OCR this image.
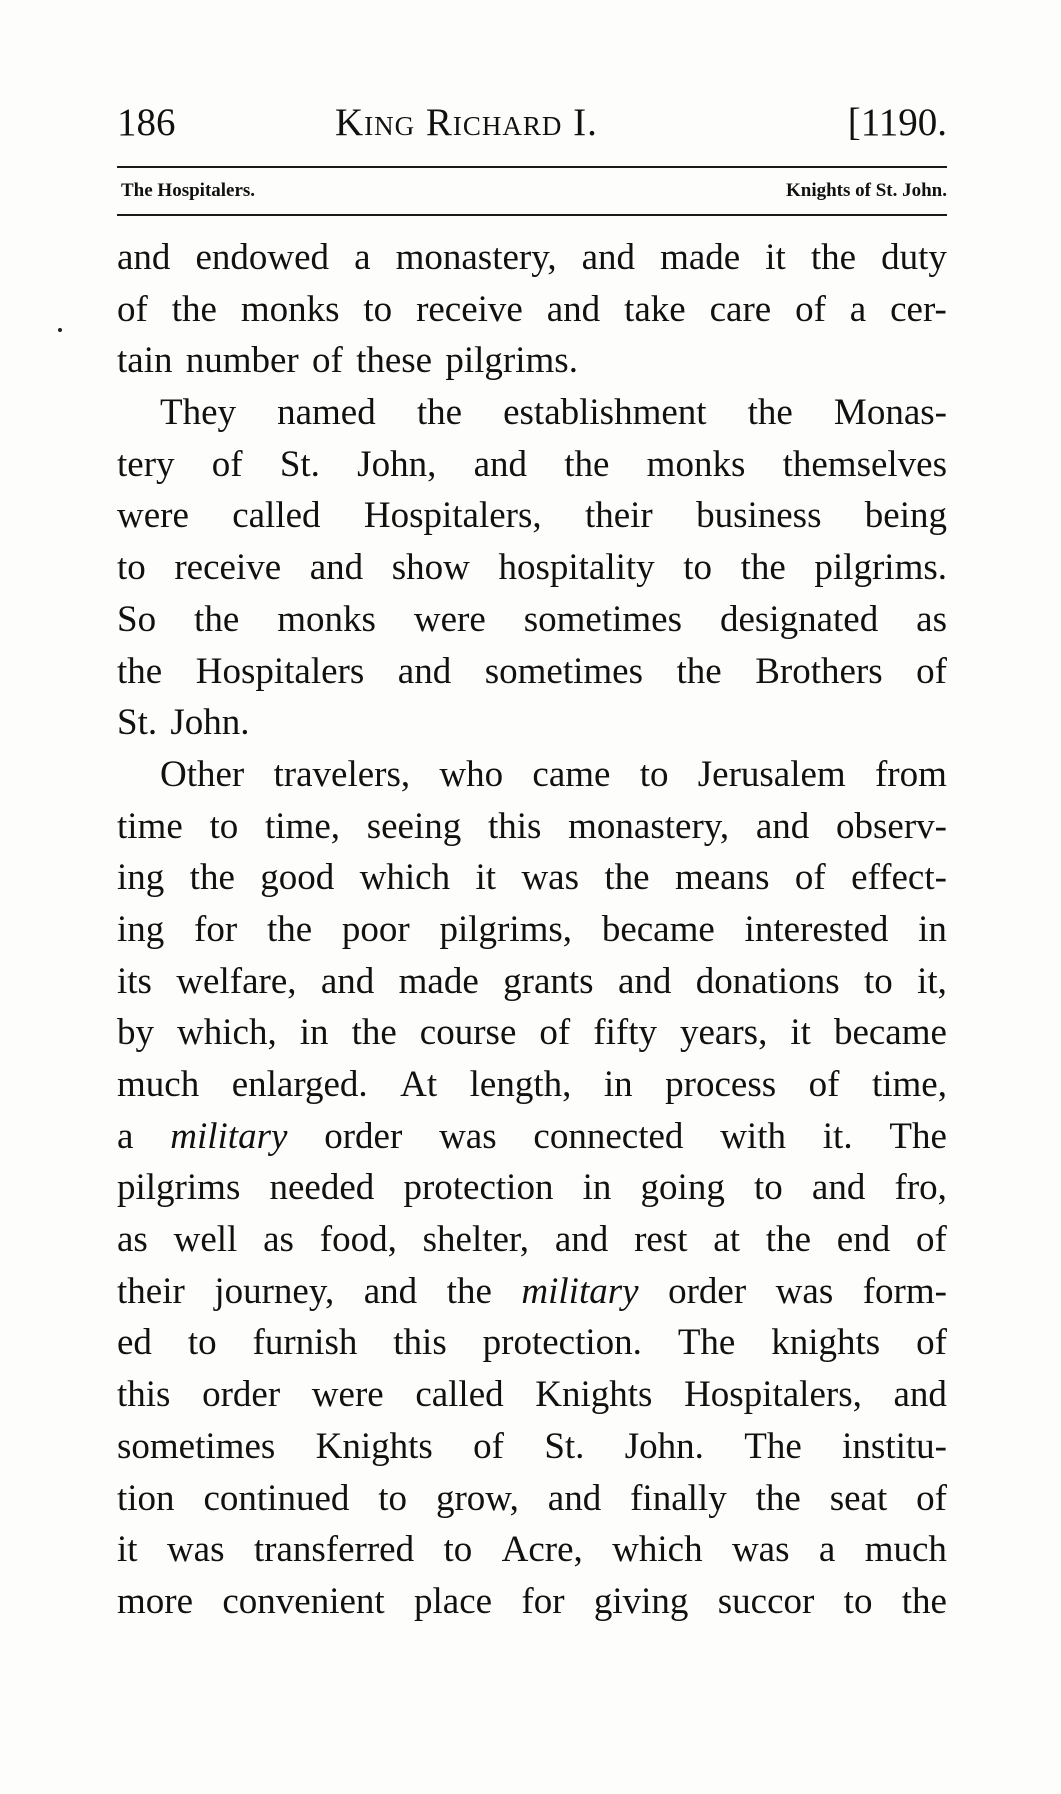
186	King Richard I.	[1190.
The Hospitalers.	Knights of St. John.
and endowed a monastery, and made it the duty
of the monks to receive and take care of a cer-
tain number of these pilgrims.
They named the establishment the Monas-
tery of St. John, and the monks themselves
were called Hospitalers, their business being
to receive and show hospitality to the pilgrims.
So the monks were sometimes designated as
the Hospitalers and sometimes the Brothers of
St. John.
Other travelers, who came to Jerusalem from
time to time, seeing this monastery, and observ-
ing the good which it was the means of effect-
ing for the poor pilgrims, became interested in
its welfare, and made grants and donations to it,
by which, in the course of fifty years, it became
much enlarged. At length, in process of time,
a military order was connected with it. The
pilgrims needed protection in going to and fro,
as well as food, shelter, and rest at the end of
their journey, and the military order was form-
ed to furnish this protection. The knights of
this order were called Knights Hospitalers, and
sometimes Knights of St. John. The institu-
tion continued to grow, and finally the seat of
it was transferred to Acre, which was a much
more convenient place for giving succor to the
